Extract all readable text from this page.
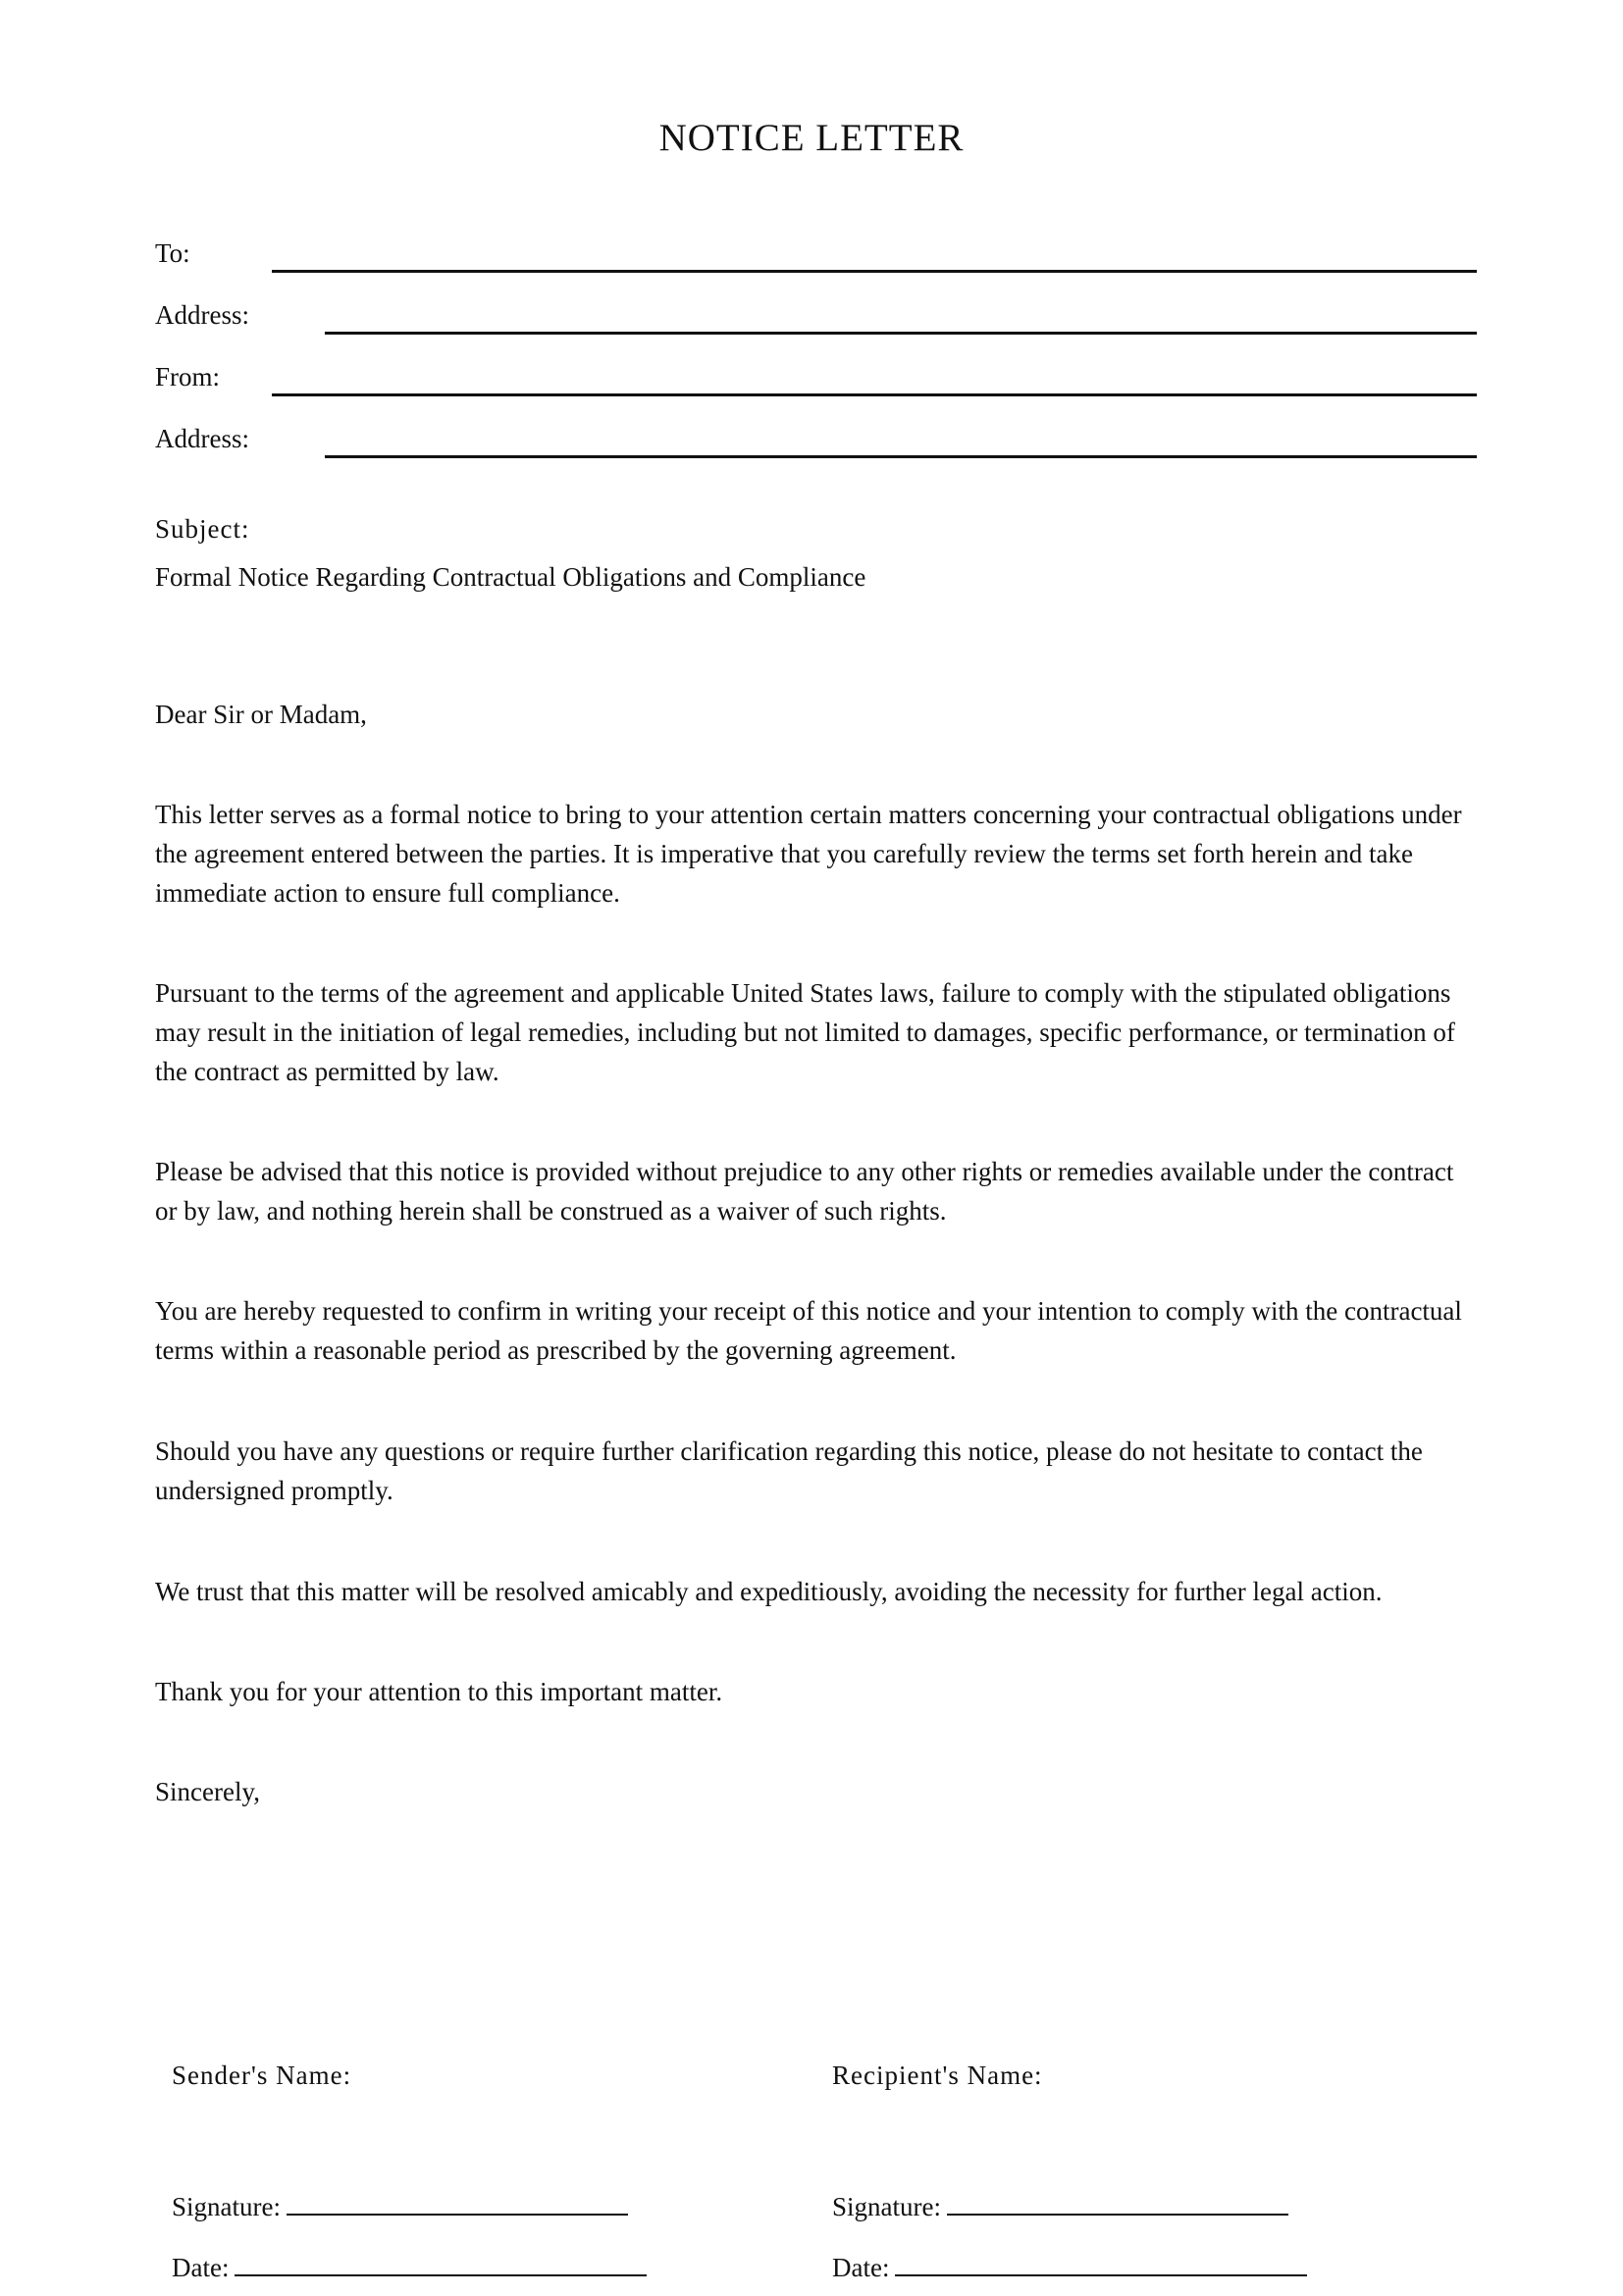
NOTICE LETTER
To:
Address:
From:
Address:
Subject:
Formal Notice Regarding Contractual Obligations and Compliance

Dear Sir or Madam,

This letter serves as a formal notice to bring to your attention certain matters concerning your contractual obligations under the agreement entered between the parties. It is imperative that you carefully review the terms set forth herein and take immediate action to ensure full compliance.

Pursuant to the terms of the agreement and applicable United States laws, failure to comply with the stipulated obligations may result in the initiation of legal remedies, including but not limited to damages, specific performance, or termination of the contract as permitted by law.

Please be advised that this notice is provided without prejudice to any other rights or remedies available under the contract or by law, and nothing herein shall be construed as a waiver of such rights.

You are hereby requested to confirm in writing your receipt of this notice and your intention to comply with the contractual terms within a reasonable period as prescribed by the governing agreement.

Should you have any questions or require further clarification regarding this notice, please do not hesitate to contact the undersigned promptly.

We trust that this matter will be resolved amicably and expeditiously, avoiding the necessity for further legal action.

Thank you for your attention to this important matter.

Sincerely,

Sender's Name:
Signature:
Date:
Recipient's Name:
Signature:
Date:
